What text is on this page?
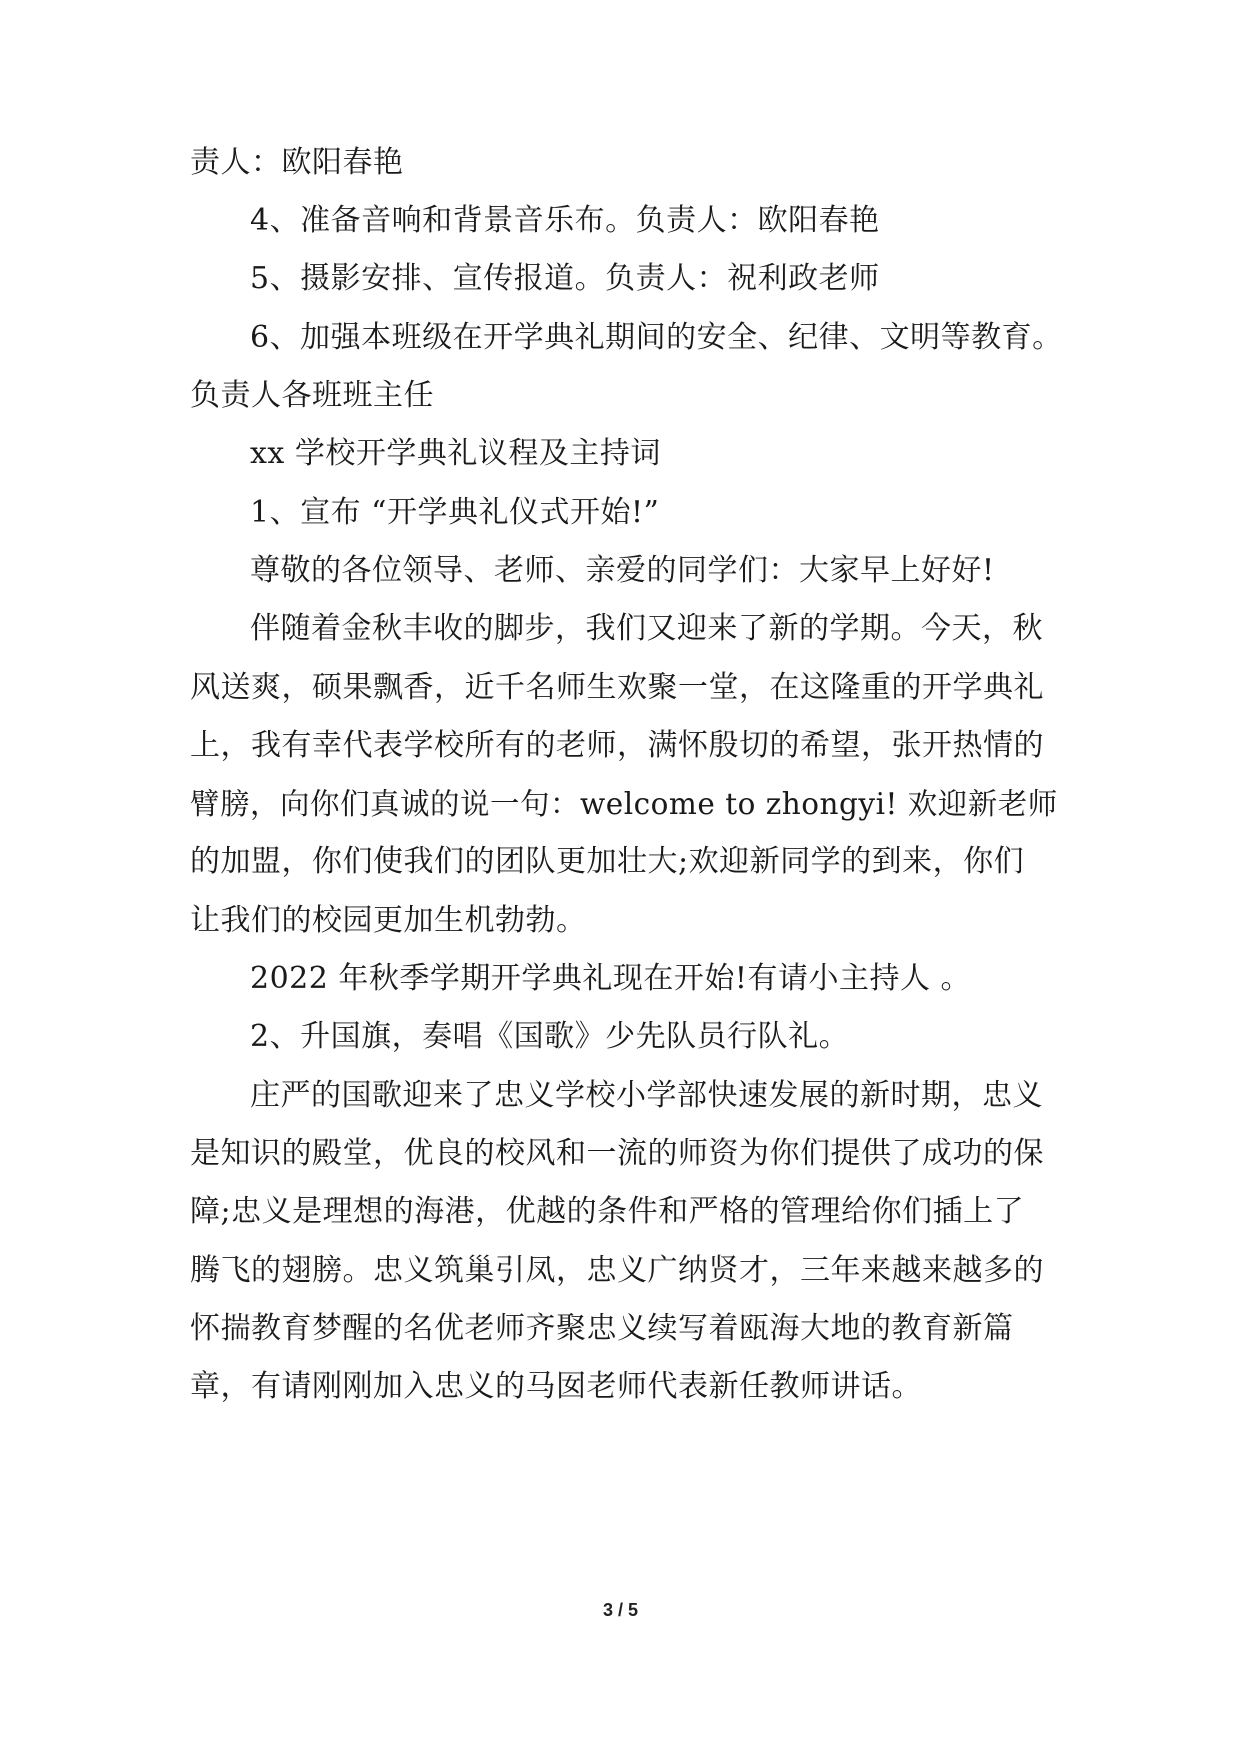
责人：欧阳春艳
4、准备音响和背景音乐布。负责人：欧阳春艳
5、摄影安排、宣传报道。负责人：祝利政老师
6、加强本班级在开学典礼期间的安全、纪律、文明等教育。
负责人各班班主任
xx 学校开学典礼议程及主持词
1、宣布 “开学典礼仪式开始!”
尊敬的各位领导、老师、亲爱的同学们：大家早上好好!
伴随着金秋丰收的脚步，我们又迎来了新的学期。今天，秋
风送爽，硕果飘香，近千名师生欢聚一堂，在这隆重的开学典礼
上，我有幸代表学校所有的老师，满怀殷切的希望，张开热情的
臂膀，向你们真诚的说一句：welcome to zhongyi! 欢迎新老师
的加盟，你们使我们的团队更加壮大;欢迎新同学的到来，你们
让我们的校园更加生机勃勃。
2022 年秋季学期开学典礼现在开始!有请小主持人 。
2、升国旗，奏唱《国歌》少先队员行队礼。
庄严的国歌迎来了忠义学校小学部快速发展的新时期，忠义
是知识的殿堂，优良的校风和一流的师资为你们提供了成功的保
障;忠义是理想的海港，优越的条件和严格的管理给你们插上了
腾飞的翅膀。忠义筑巢引凤，忠义广纳贤才，三年来越来越多的
怀揣教育梦醒的名优老师齐聚忠义续写着瓯海大地的教育新篇
章，有请刚刚加入忠义的马囡老师代表新任教师讲话。
3 / 5
